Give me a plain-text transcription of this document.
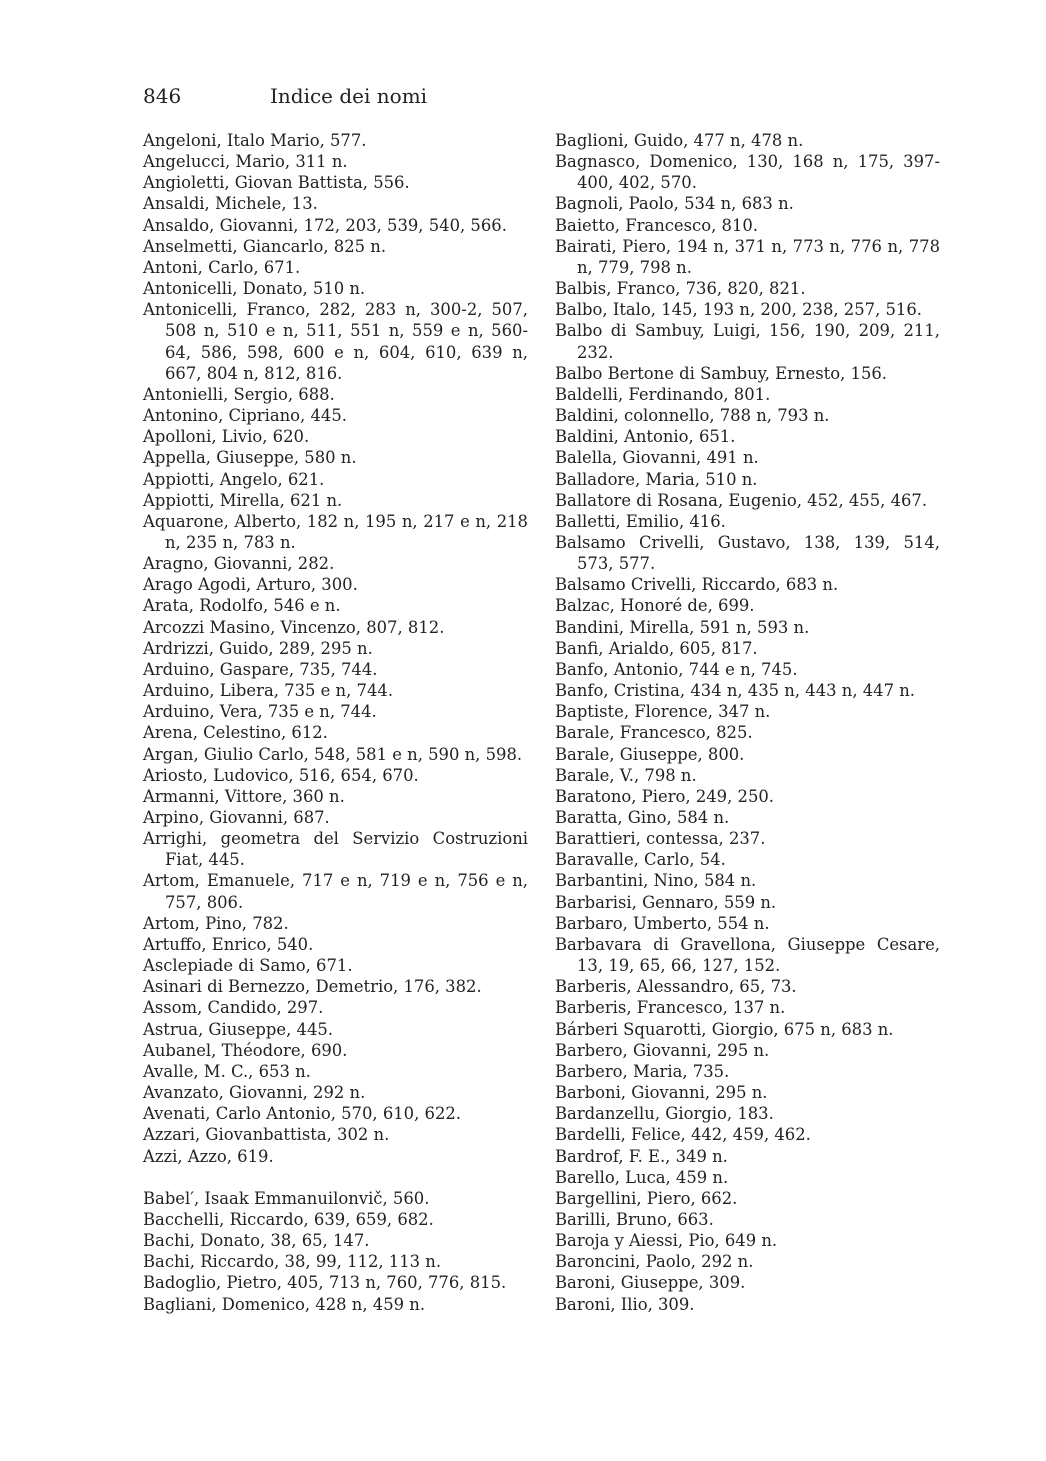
846	Indice dei nomi
Angeloni, Italo Mario, 577.
Angelucci, Mario, 311 n.
Angioletti, Giovan Battista, 556.
Ansaldi, Michele, 13.
Ansaldo, Giovanni, 172, 203, 539, 540, 566.
Anselmetti, Giancarlo, 825 n.
Antoni, Carlo, 671.
Antonicelli, Donato, 510 n.
Antonicelli, Franco, 282, 283 n, 300-2, 507, 508 n, 510 e n, 511, 551 n, 559 e n, 560-64, 586, 598, 600 e n, 604, 610, 639 n, 667, 804 n, 812, 816.
Antonielli, Sergio, 688.
Antonino, Cipriano, 445.
Apolloni, Livio, 620.
Appella, Giuseppe, 580 n.
Appiotti, Angelo, 621.
Appiotti, Mirella, 621 n.
Aquarone, Alberto, 182 n, 195 n, 217 e n, 218 n, 235 n, 783 n.
Aragno, Giovanni, 282.
Arago Agodi, Arturo, 300.
Arata, Rodolfo, 546 e n.
Arcozzi Masino, Vincenzo, 807, 812.
Ardrizzi, Guido, 289, 295 n.
Arduino, Gaspare, 735, 744.
Arduino, Libera, 735 e n, 744.
Arduino, Vera, 735 e n, 744.
Arena, Celestino, 612.
Argan, Giulio Carlo, 548, 581 e n, 590 n, 598.
Ariosto, Ludovico, 516, 654, 670.
Armanni, Vittore, 360 n.
Arpino, Giovanni, 687.
Arrighi, geometra del Servizio Costruzioni Fiat, 445.
Artom, Emanuele, 717 e n, 719 e n, 756 e n, 757, 806.
Artom, Pino, 782.
Artuffo, Enrico, 540.
Asclepiade di Samo, 671.
Asinari di Bernezzo, Demetrio, 176, 382.
Assom, Candido, 297.
Astrua, Giuseppe, 445.
Aubanel, Théodore, 690.
Avalle, M. C., 653 n.
Avanzato, Giovanni, 292 n.
Avenati, Carlo Antonio, 570, 610, 622.
Azzari, Giovanbattista, 302 n.
Azzi, Azzo, 619.
Babel′, Isaak Emmanuilonvič, 560.
Bacchelli, Riccardo, 639, 659, 682.
Bachi, Donato, 38, 65, 147.
Bachi, Riccardo, 38, 99, 112, 113 n.
Badoglio, Pietro, 405, 713 n, 760, 776, 815.
Bagliani, Domenico, 428 n, 459 n.
Baglioni, Guido, 477 n, 478 n.
Bagnasco, Domenico, 130, 168 n, 175, 397-400, 402, 570.
Bagnoli, Paolo, 534 n, 683 n.
Baietto, Francesco, 810.
Bairati, Piero, 194 n, 371 n, 773 n, 776 n, 778 n, 779, 798 n.
Balbis, Franco, 736, 820, 821.
Balbo, Italo, 145, 193 n, 200, 238, 257, 516.
Balbo di Sambuy, Luigi, 156, 190, 209, 211, 232.
Balbo Bertone di Sambuy, Ernesto, 156.
Baldelli, Ferdinando, 801.
Baldini, colonnello, 788 n, 793 n.
Baldini, Antonio, 651.
Balella, Giovanni, 491 n.
Balladore, Maria, 510 n.
Ballatore di Rosana, Eugenio, 452, 455, 467.
Balletti, Emilio, 416.
Balsamo Crivelli, Gustavo, 138, 139, 514, 573, 577.
Balsamo Crivelli, Riccardo, 683 n.
Balzac, Honoré de, 699.
Bandini, Mirella, 591 n, 593 n.
Banfi, Arialdo, 605, 817.
Banfo, Antonio, 744 e n, 745.
Banfo, Cristina, 434 n, 435 n, 443 n, 447 n.
Baptiste, Florence, 347 n.
Barale, Francesco, 825.
Barale, Giuseppe, 800.
Barale, V., 798 n.
Baratono, Piero, 249, 250.
Baratta, Gino, 584 n.
Barattieri, contessa, 237.
Baravalle, Carlo, 54.
Barbantini, Nino, 584 n.
Barbarisi, Gennaro, 559 n.
Barbaro, Umberto, 554 n.
Barbavara di Gravellona, Giuseppe Cesare, 13, 19, 65, 66, 127, 152.
Barberis, Alessandro, 65, 73.
Barberis, Francesco, 137 n.
Bárberi Squarotti, Giorgio, 675 n, 683 n.
Barbero, Giovanni, 295 n.
Barbero, Maria, 735.
Barboni, Giovanni, 295 n.
Bardanzellu, Giorgio, 183.
Bardelli, Felice, 442, 459, 462.
Bardrof, F. E., 349 n.
Barello, Luca, 459 n.
Bargellini, Piero, 662.
Barilli, Bruno, 663.
Baroja y Aiessi, Pio, 649 n.
Baroncini, Paolo, 292 n.
Baroni, Giuseppe, 309.
Baroni, Ilio, 309.
